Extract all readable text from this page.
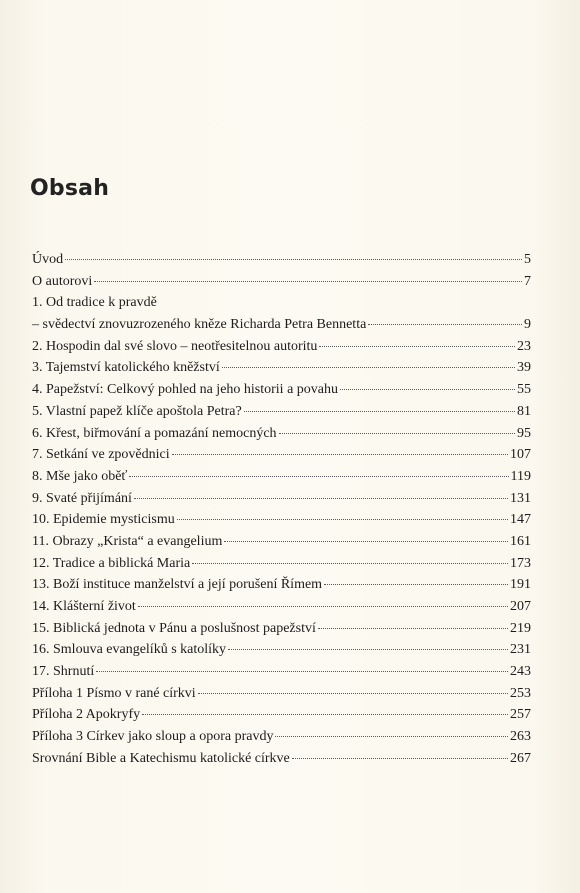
Obsah
Úvod	5
O autorovi	7
1. Od tradice k pravdě
– svědectví znovuzrozeného kněze Richarda Petra Bennetta	9
2. Hospodin dal své slovo – neotřesitelnou autoritu	23
3. Tajemství katolického kněžství	39
4. Papežství: Celkový pohled na jeho historii a povahu	55
5. Vlastní papež klíče apoštola Petra?	81
6. Křest, biřmování a pomazání nemocných	95
7. Setkání ve zpovědnici	107
8. Mše jako oběť	119
9. Svaté přijímání	131
10. Epidemie mysticismu	147
11. Obrazy „Krista“ a evangelium	161
12. Tradice a biblická Maria	173
13. Boží instituce manželství a její porušení Římem	191
14. Klášterní život	207
15. Biblická jednota v Pánu a poslušnost papežství	219
16. Smlouva evangelíků s katolíky	231
17. Shrnutí	243
Příloha 1 Písmo v rané církvi	253
Příloha 2 Apokryfy	257
Příloha 3 Církev jako sloup a opora pravdy	263
Srovnání Bible a Katechismu katolické církve	267
